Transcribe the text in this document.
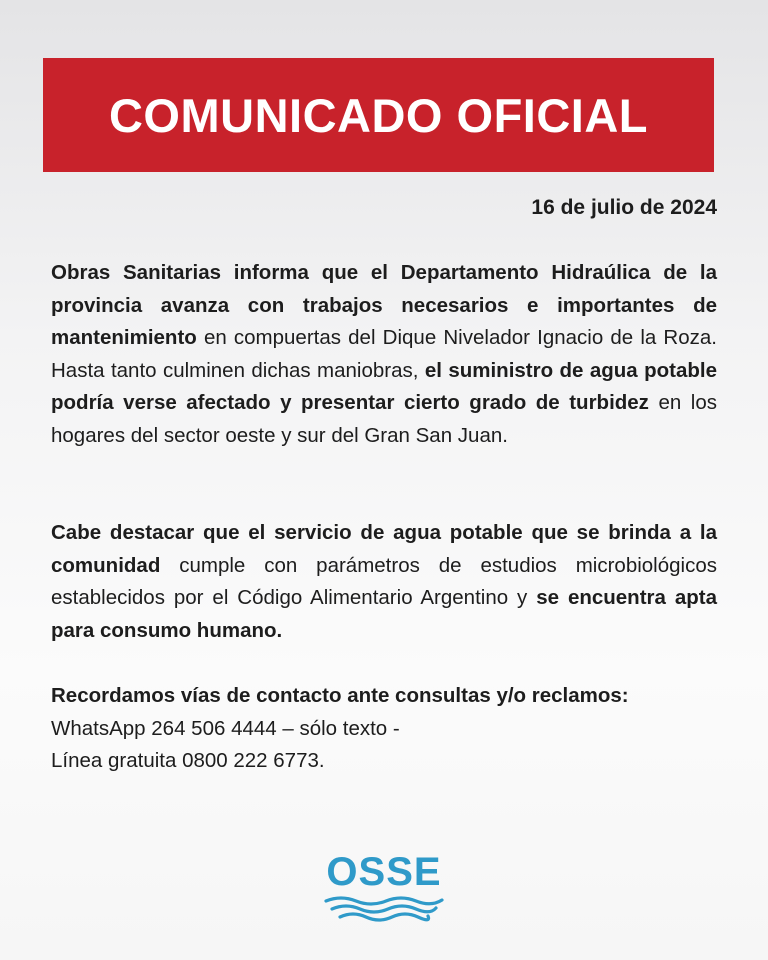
COMUNICADO OFICIAL
16 de julio de 2024
Obras Sanitarias informa que el Departamento Hidraúlica de la provincia avanza con trabajos necesarios e importantes de mantenimiento en compuertas del Dique Nivelador Ignacio de la Roza. Hasta tanto culminen dichas maniobras, el suministro de agua potable podría verse afectado y presentar cierto grado de turbidez en los hogares del sector oeste y sur del Gran San Juan.
Cabe destacar que el servicio de agua potable que se brinda a la comunidad cumple con parámetros de estudios microbiológicos establecidos por el Código Alimentario Argentino y se encuentra apta para consumo humano.
Recordamos vías de contacto ante consultas y/o reclamos:
WhatsApp 264 506 4444 – sólo texto -
Línea gratuita 0800 222 6773.
OSSE
